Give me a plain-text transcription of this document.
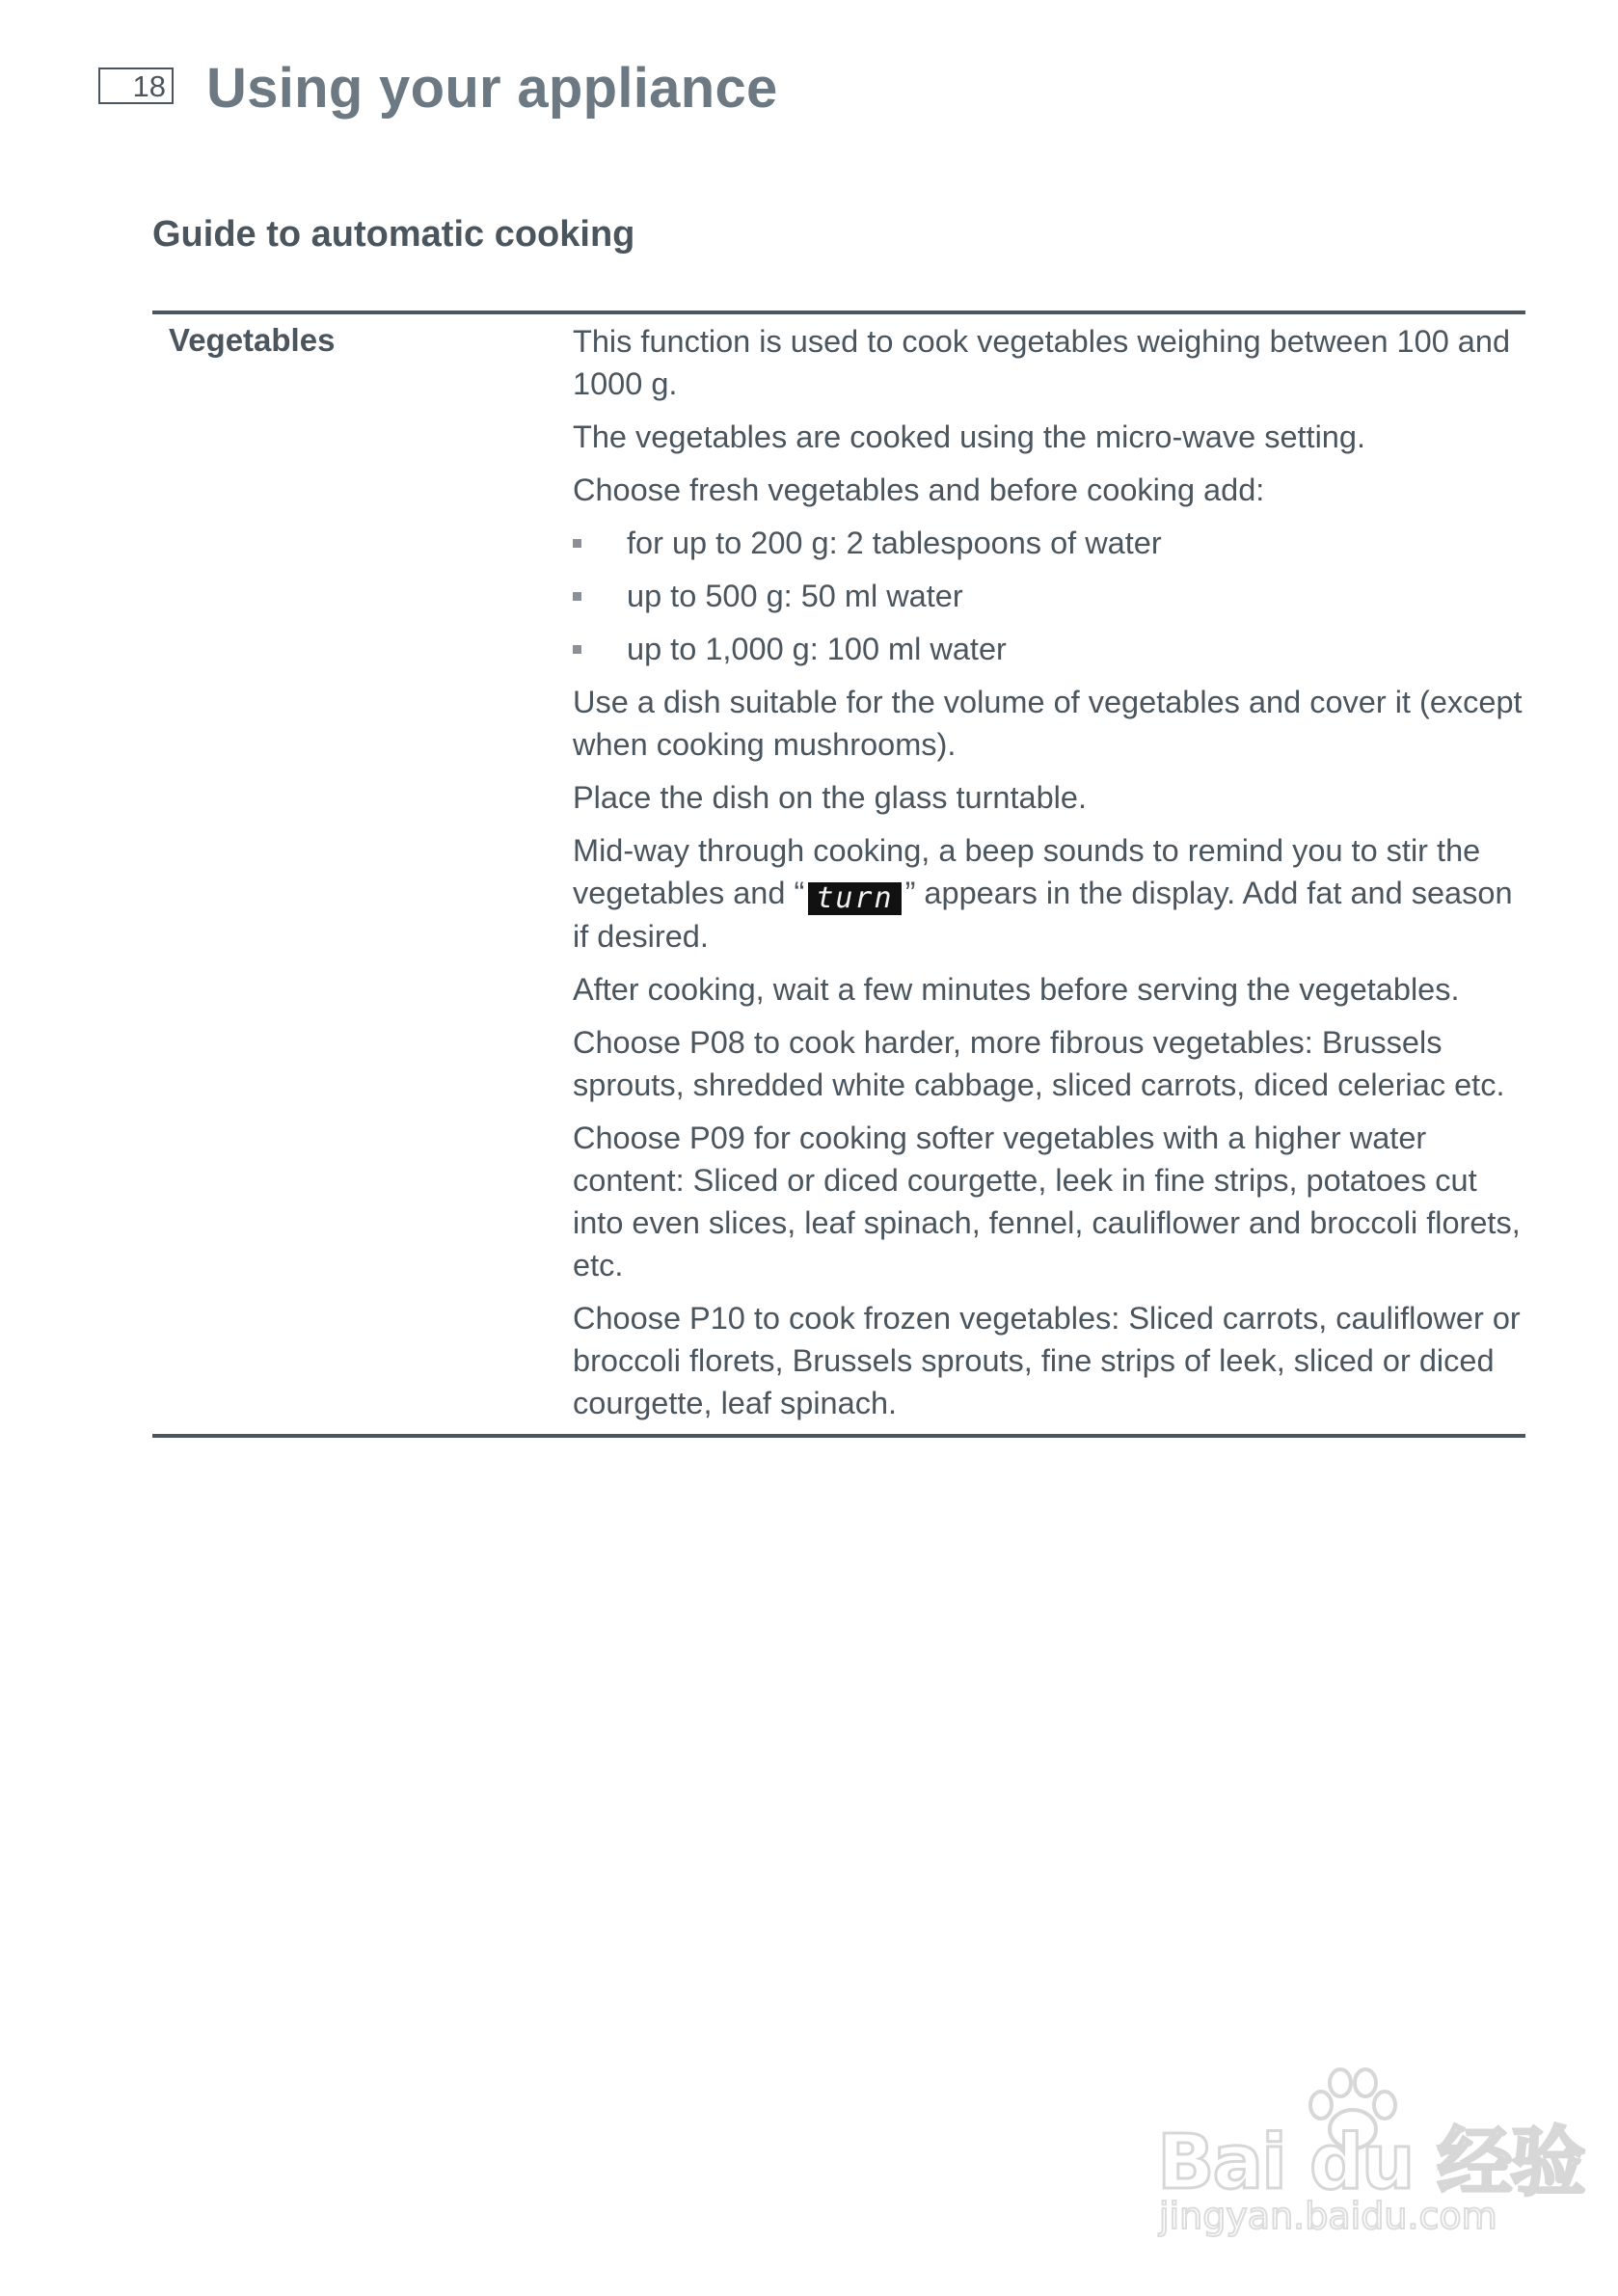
18 Using your appliance
Guide to automatic cooking
Vegetables	This function is used to cook vegetables weighing between 100 and 1000 g.

The vegetables are cooked using the micro-wave setting.

Choose fresh vegetables and before cooking add:

for up to 200 g: 2 tablespoons of water
up to 500 g: 50 ml water
up to 1,000 g: 100 ml water

Use a dish suitable for the volume of vegetables and cover it (except when cooking mushrooms).

Place the dish on the glass turntable.

Mid-way through cooking, a beep sounds to remind you to stir the vegetables and “ turn ” appears in the display. Add fat and season if desired.

After cooking, wait a few minutes before serving the vegetables.

Choose P08 to cook harder, more fibrous vegetables: Brussels sprouts, shredded white cabbage, sliced carrots, diced celeriac etc.

Choose P09 for cooking softer vegetables with a higher water content: Sliced or diced courgette, leek in fine strips, potatoes cut into even slices, leaf spinach, fennel, cauliflower and broccoli florets, etc.

Choose P10 to cook frozen vegetables: Sliced carrots, cauliflower or broccoli florets, Brussels sprouts, fine strips of leek, sliced or diced courgette, leaf spinach.

Bai du 经验
jingyan.baidu.com
